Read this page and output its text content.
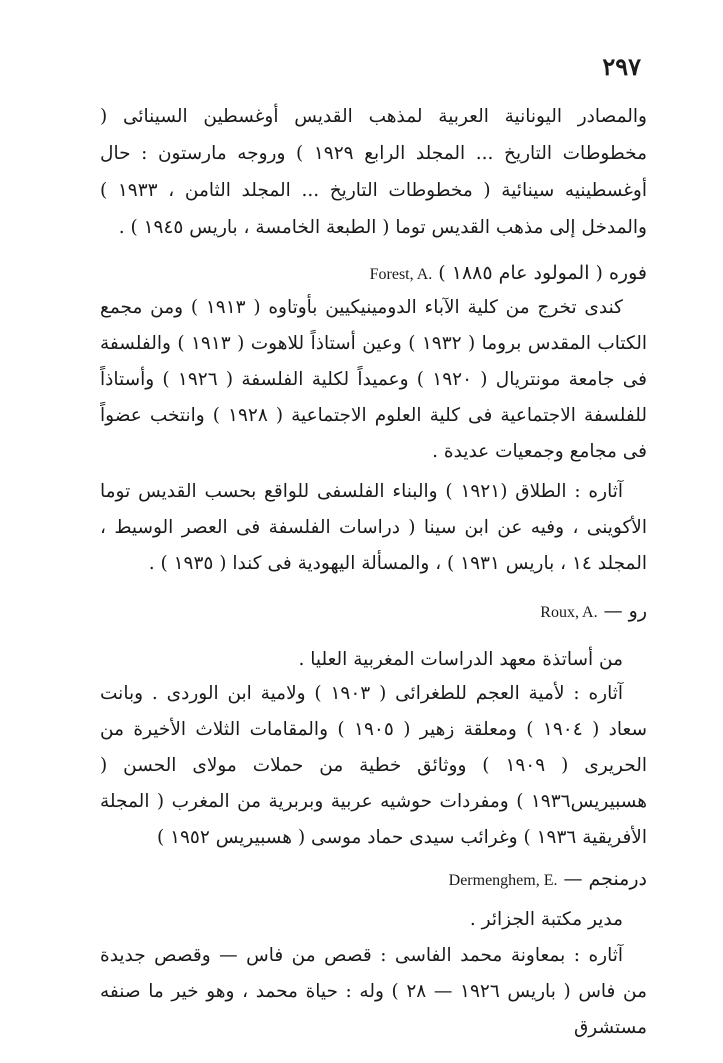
٢٩٧

والمصادر اليونانية العربية لمذهب القديس أوغسطين السينائى ( مخطوطات التاريخ ... المجلد الرابع ١٩٢٩ ) وروجه مارستون : حال أوغسطينيه سينائية ( مخطوطات التاريخ ... المجلد الثامن ، ١٩٣٣ ) والمدخل إلى مذهب القديس توما ( الطبعة الخامسة ، باريس ١٩٤٥ ) .

فوره ( المولود عام ١٨٨٥ )Forest, A.

كندى تخرج من كلية الآباء الدومينيكيين بأوتاوه ( ١٩١٣ ) ومن مجمع الكتاب المقدس بروما ( ١٩٣٢ ) وعين أستاذاً للاهوت ( ١٩١٣ ) والفلسفة فى جامعة مونتريال ( ١٩٢٠ ) وعميداً لكلية الفلسفة ( ١٩٢٦ ) وأستاذاً للفلسفة الاجتماعية فى كلية العلوم الاجتماعية ( ١٩٢٨ ) وانتخب عضواً فى مجامع وجمعيات عديدة .

آثاره : الطلاق (١٩٢١ ) والبناء الفلسفى للواقع بحسب القديس توما الأكوينى ، وفيه عن ابن سينا ( دراسات الفلسفة فى العصر الوسيط ، المجلد ١٤ ، باريس ١٩٣١ ) ، والمسألة اليهودية فى كندا ( ١٩٣٥ ) .

رو —Roux, A.

من أساتذة معهد الدراسات المغربية العليا .

آثاره : لأمية العجم للطغرائى ( ١٩٠٣ ) ولامية ابن الوردى . وبانت سعاد ( ١٩٠٤ ) ومعلقة زهير ( ١٩٠٥ ) والمقامات الثلاث الأخيرة من الحريرى ( ١٩٠٩ ) ووثائق خطية من حملات مولاى الحسن ( هسبيريس١٩٣٦ ) ومفردات حوشيه عربية وبربرية من المغرب ( المجلة الأفريقية ١٩٣٦ ) وغرائب سيدى حماد موسى ( هسبيريس ١٩٥٢ )

درمنجم —Dermenghem, E.

مدير مكتبة الجزائر .

آثاره : بمعاونة محمد الفاسى : قصص من فاس — وقصص جديدة من فاس ( باريس ١٩٢٦ — ٢٨ ) وله : حياة محمد ، وهو خير ما صنفه مستشرق
